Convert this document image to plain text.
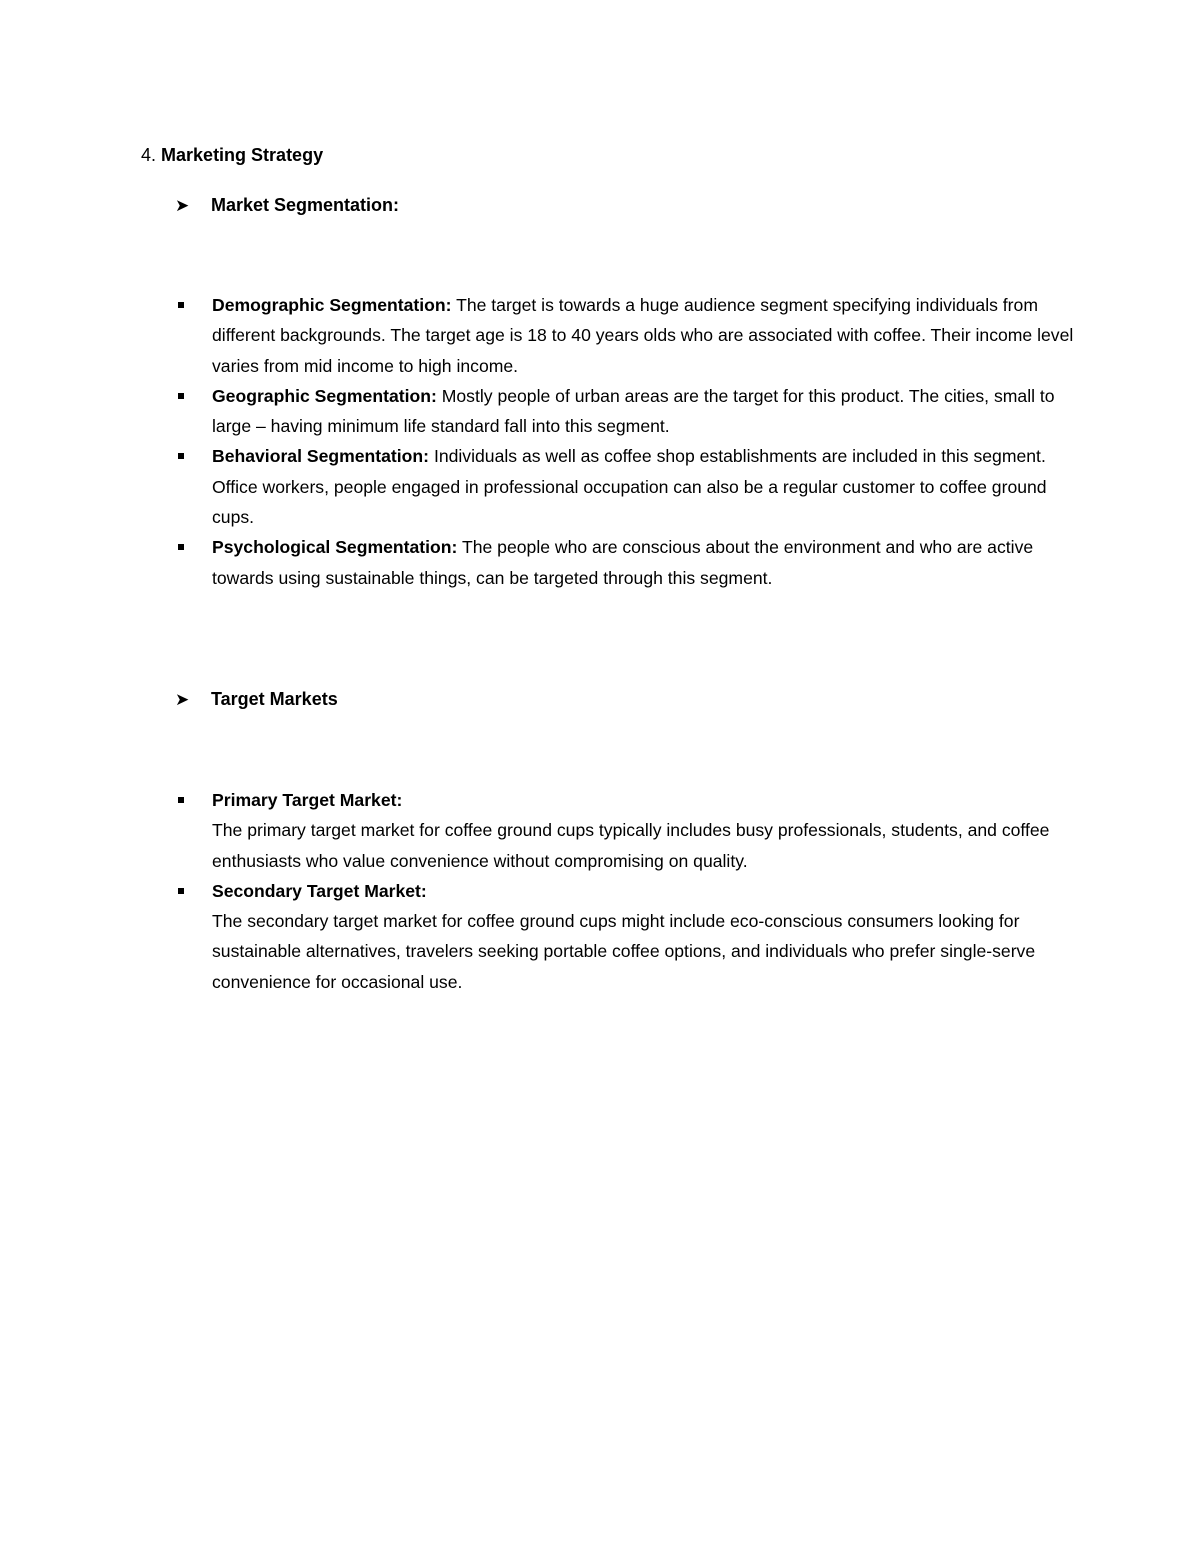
4. Marketing Strategy
➤ Market Segmentation:
Demographic Segmentation: The target is towards a huge audience segment specifying individuals from different backgrounds. The target age is 18 to 40 years olds who are associated with coffee. Their income level varies from mid income to high income.
Geographic Segmentation: Mostly people of urban areas are the target for this product. The cities, small to large – having minimum life standard fall into this segment.
Behavioral Segmentation: Individuals as well as coffee shop establishments are included in this segment. Office workers, people engaged in professional occupation can also be a regular customer to coffee ground cups.
Psychological Segmentation: The people who are conscious about the environment and who are active towards using sustainable things, can be targeted through this segment.
➤ Target Markets
Primary Target Market:
The primary target market for coffee ground cups typically includes busy professionals, students, and coffee enthusiasts who value convenience without compromising on quality.
Secondary Target Market:
The secondary target market for coffee ground cups might include eco-conscious consumers looking for sustainable alternatives, travelers seeking portable coffee options, and individuals who prefer single-serve convenience for occasional use.
